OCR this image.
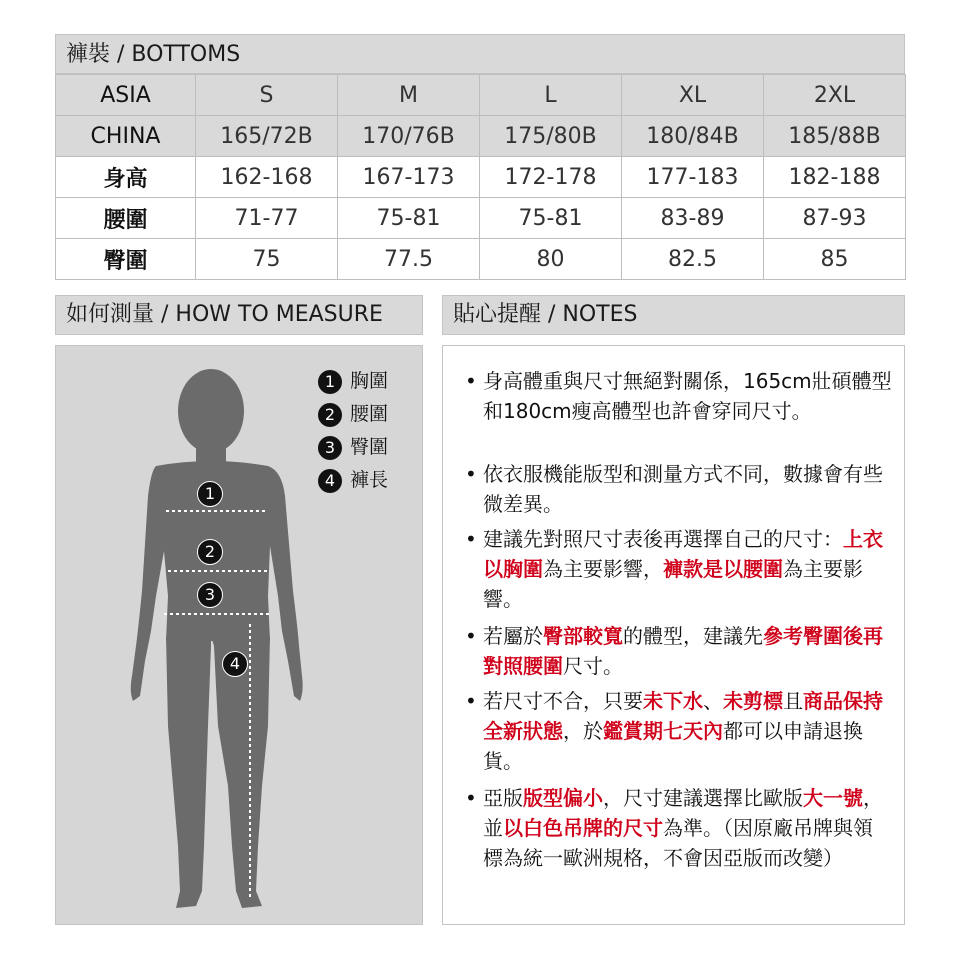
褲裝 / BOTTOMS
ASIA	S	M	L	XL	2XL
CHINA	165/72B	170/76B	175/80B	180/84B	185/88B
身高	162-168	167-173	172-178	177-183	182-188
腰圍	71-77	75-81	75-81	83-89	87-93
臀圍	75	77.5	80	82.5	85
如何測量 / HOW TO MEASURE
1
2
3
4
1 胸圍
2 腰圍
3 臀圍
4 褲長
貼心提醒 / NOTES
• 身高體重與尺寸無絕對關係，165cm壯碩體型和180cm瘦高體型也許會穿同尺寸。
• 依衣服機能版型和測量方式不同，數據會有些微差異。
• 建議先對照尺寸表後再選擇自己的尺寸：上衣以胸圍為主要影響，褲款是以腰圍為主要影響。
• 若屬於臀部較寬的體型，建議先參考臀圍後再對照腰圍尺寸。
• 若尺寸不合，只要未下水、未剪標且商品保持全新狀態，於鑑賞期七天內都可以申請退換貨。
• 亞版版型偏小，尺寸建議選擇比歐版大一號，並以白色吊牌的尺寸為準。（因原廠吊牌與領標為統一歐洲規格，不會因亞版而改變）
